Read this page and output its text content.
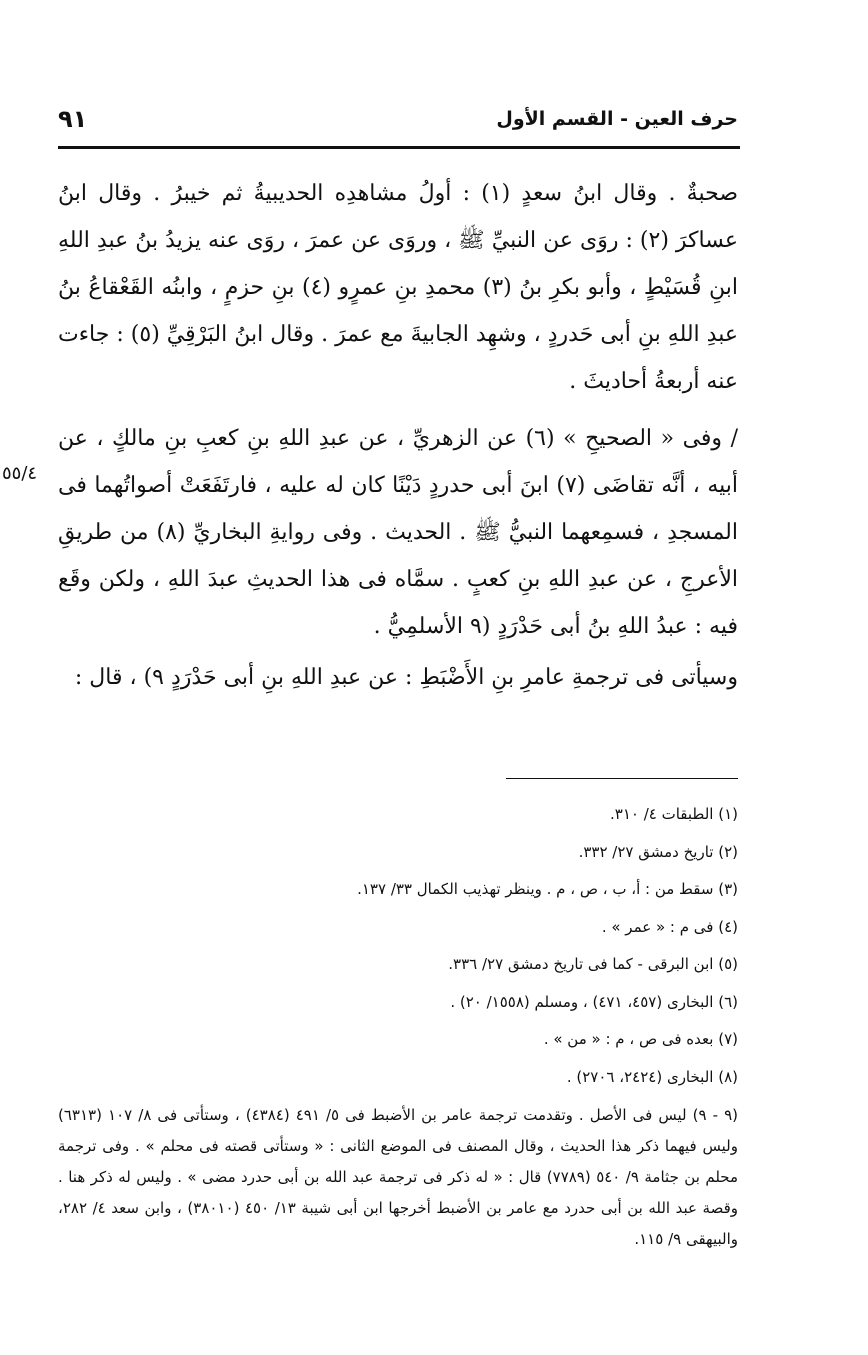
حرف العين - القسم الأول
٩١

صحبةٌ . وقال ابنُ سعدٍ (١) : أولُ مشاهدِه الحديبيةُ ثم خيبرُ . وقال ابنُ عساكرَ (٢) : روَى عن النبيِّ ﷺ ، وروَى عن عمرَ ، روَى عنه يزيدُ بنُ عبدِ اللهِ ابنِ قُسَيْطٍ ، وأبو بكرِ بنُ (٣) محمدِ بنِ عمرٍو (٤) بنِ حزمٍ ، وابنُه القَعْقاعُ بنُ عبدِ اللهِ بنِ أبى حَدردٍ ، وشهِد الجابيةَ مع عمرَ . وقال ابنُ البَرْقِيِّ (٥) : جاءت عنه أربعةُ أحاديثَ .

/ وفى « الصحيحِ » (٦) عن الزهريِّ ، عن عبدِ اللهِ بنِ كعبِ بنِ مالكٍ ، عن أبيه ، أنَّه تقاضَى (٧) ابنَ أبى حدردٍ دَيْنًا كان له عليه ، فارتَفَعَتْ أصواتُهما فى المسجدِ ، فسمِعهما النبيُّ ﷺ . الحديث . وفى روايةِ البخاريِّ (٨) من طريقِ الأعرجِ ، عن عبدِ اللهِ بنِ كعبٍ . سمَّاه فى هذا الحديثِ عبدَ اللهِ ، ولكن وقَع فيه : عبدُ اللهِ بنُ أبى حَدْرَدٍ (٩ الأسلمِيُّ .

وسيأتى فى ترجمةِ عامرِ بنِ الأَضْبَطِ : عن عبدِ اللهِ بنِ أبى حَدْرَدٍ ٩) ، قال :

٥٥/٤

(١) الطبقات ٤/ ٣١٠.

(٢) تاريخ دمشق ٢٧/ ٣٣٢.

(٣) سقط من : أ، ب ، ص ، م . وينظر تهذيب الكمال ٣٣/ ١٣٧.

(٤) فى م : « عمر » .

(٥) ابن البرقى - كما فى تاريخ دمشق ٢٧/ ٣٣٦.

(٦) البخارى (٤٥٧، ٤٧١) ، ومسلم (١٥٥٨/ ٢٠) .

(٧) بعده فى ص ، م : « من » .

(٨) البخارى (٢٤٢٤، ٢٧٠٦) .

(٩ - ٩) ليس فى الأصل . وتقدمت ترجمة عامر بن الأضبط فى ٥/ ٤٩١ (٤٣٨٤) ، وستأتى فى ٨/ ١٠٧ (٦٣١٣) وليس فيهما ذكر هذا الحديث ، وقال المصنف فى الموضع الثانى : « وستأتى قصته فى محلم » . وفى ترجمة محلم بن جثامة ٩/ ٥٤٠ (٧٧٨٩) قال : « له ذكر فى ترجمة عبد الله بن أبى حدرد مضى » . وليس له ذكر هنا . وقصة عبد الله بن أبى حدرد مع عامر بن الأضبط أخرجها ابن أبى شيبة ١٣/ ٤٥٠ (٣٨٠١٠) ، وابن سعد ٤/ ٢٨٢، والبيهقى ٩/ ١١٥.
